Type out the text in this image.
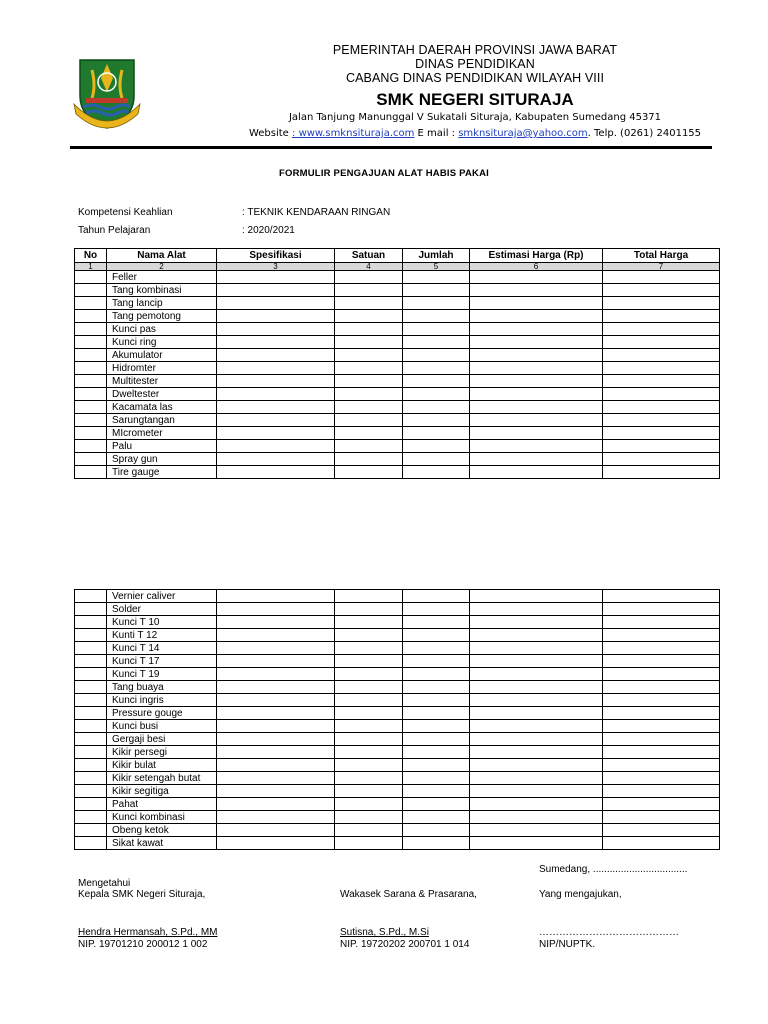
PEMERINTAH DAERAH PROVINSI JAWA BARAT
DINAS PENDIDIKAN
CABANG DINAS PENDIDIKAN WILAYAH VIII
SMK NEGERI SITURAJA
Jalan Tanjung Manunggal V Sukatali Situraja, Kabupaten Sumedang 45371
Website : www.smknsituraja.com E mail : smknsituraja@yahoo.com. Telp. (0261) 2401155
FORMULIR PENGAJUAN ALAT HABIS PAKAI
Kompetensi Keahlian	: TEKNIK KENDARAAN RINGAN
Tahun Pelajaran	: 2020/2021
No	Nama Alat	Spesifikasi	Satuan	Jumlah	Estimasi Harga (Rp)	Total Harga
1	2	3	4	5	6	7
	Feller					
	Tang kombinasi					
	Tang lancip					
	Tang pemotong					
	Kunci pas					
	Kunci ring					
	Akumulator					
	Hidromter					
	Multitester					
	Dweltester					
	Kacamata las					
	Sarungtangan					
	MIcrometer					
	Palu					
	Spray gun					
	Tire gauge					
	Vernier caliver					
	Solder					
	Kunci T 10					
	Kunti T 12					
	Kunci T 14					
	Kunci T 17					
	Kunci T 19					
	Tang buaya					
	Kunci ingris					
	Pressure gouge					
	Kunci busi					
	Gergaji besi					
	Kikir persegi					
	Kikir bulat					
	Kikir setengah butat					
	Kikir segitiga					
	Pahat					
	Kunci kombinasi					
	Obeng ketok					
	Sikat kawat					
Sumedang, ..................................
Mengetahui
Kepala SMK Negeri Situraja,	Wakasek Sarana & Prasarana,	Yang mengajukan,
Hendra Hermansah, S.Pd., MM
NIP. 19701210 200012 1 002
Sutisna, S.Pd., M.Si
NIP. 19720202 200701 1 014
……………………………………
NIP/NUPTK.
